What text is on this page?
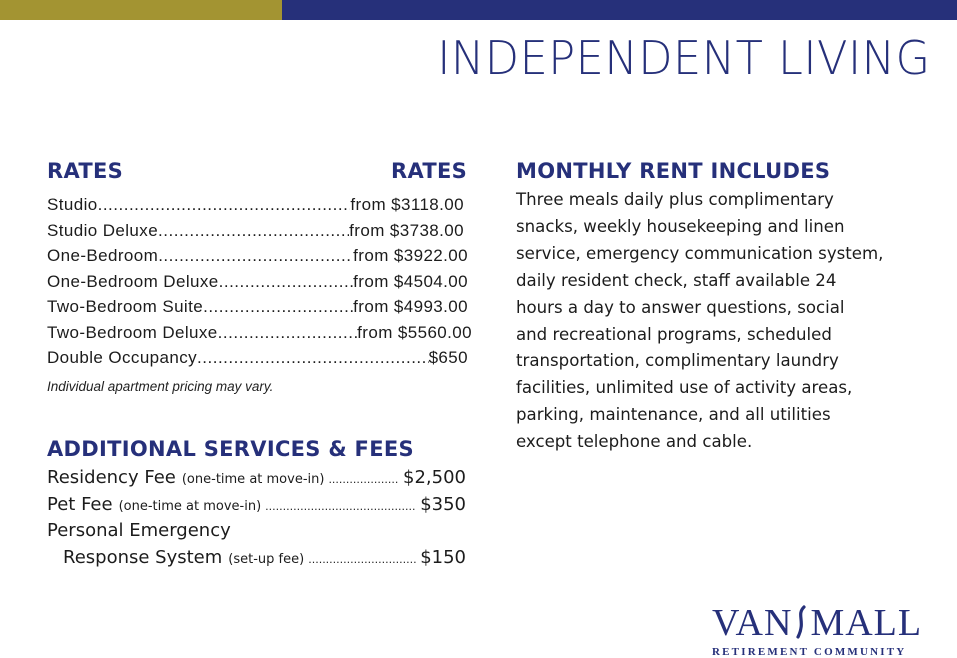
INDEPENDENT LIVING
RATES	RATES
Studio .....	from $3118.00
Studio Deluxe .....	from $3738.00
One-Bedroom .....	from $3922.00
One-Bedroom Deluxe .....	from $4504.00
Two-Bedroom Suite .....	from $4993.00
Two-Bedroom Deluxe .....	from $5560.00
Double Occupancy .....	$650
Individual apartment pricing may vary.
ADDITIONAL SERVICES & FEES
Residency Fee (one-time at move-in) .....	$2,500
Pet Fee (one-time at move-in) .....	$350
Personal Emergency
Response System (set-up fee) .....	$150
MONTHLY RENT INCLUDES
Three meals daily plus complimentary
snacks, weekly housekeeping and linen
service, emergency communication system,
daily resident check, staff available 24
hours a day to answer questions, social
and recreational programs, scheduled
transportation, complimentary laundry
facilities, unlimited use of activity areas,
parking, maintenance, and all utilities
except telephone and cable.
VAN MALL
RETIREMENT COMMUNITY
